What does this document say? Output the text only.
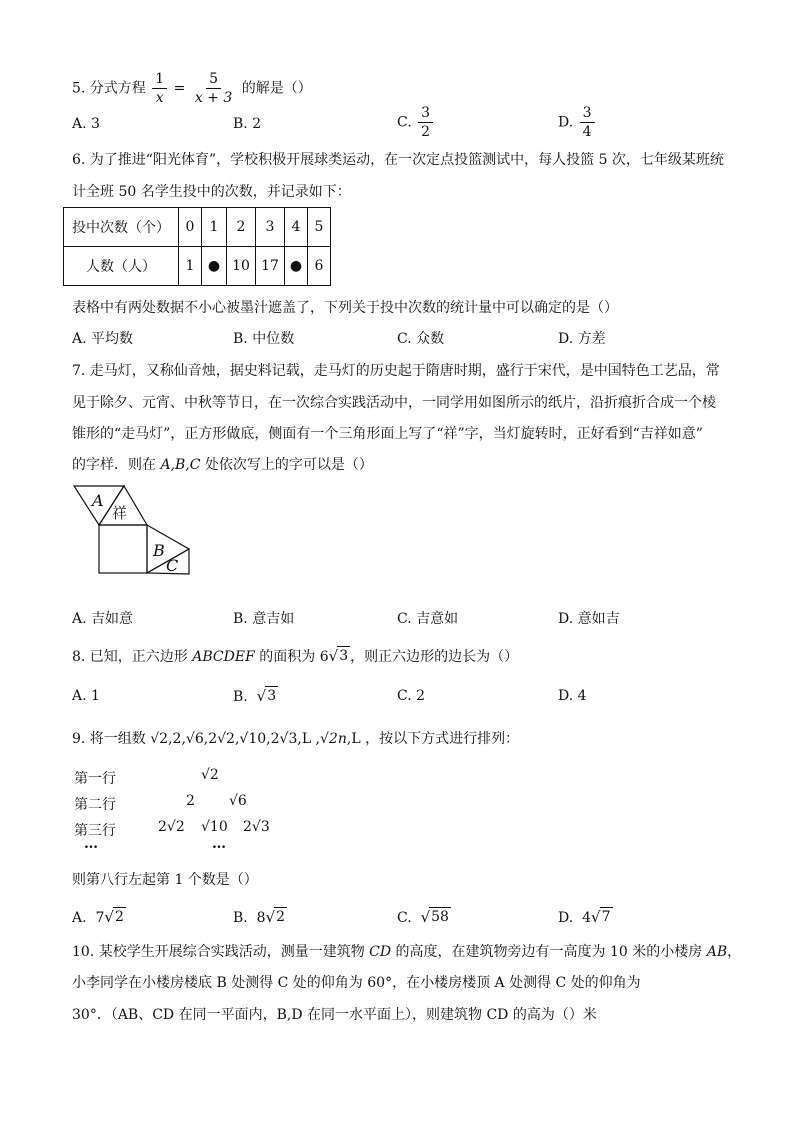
5. 分式方程 $\frac{1}{x} = \frac{5}{x + 3}$ 的解是（）
A. 3	B. 2	C. $\frac{3}{2}$	D. $\frac{3}{4}$
6. 为了推进“阳光体育”，学校积极开展球类运动，在一次定点投篮测试中，每人投篮 5 次，七年级某班统
计全班 50 名学生投中的次数，并记录如下：
投中次数（个）	0	1	2	3	4	5
人数（人）	1	●	10	17	●	6
表格中有两处数据不小心被墨汁遮盖了，下列关于投中次数的统计量中可以确定的是（）
A. 平均数	B. 中位数	C. 众数	D. 方差
7. 走马灯，又称仙音烛，据史料记载，走马灯的历史起于隋唐时期，盛行于宋代，是中国特色工艺品，常
见于除夕、元宵、中秋等节日，在一次综合实践活动中，一同学用如图所示的纸片，沿折痕折合成一个棱
锥形的“走马灯”，正方形做底，侧面有一个三角形面上写了“祥”字，当灯旋转时，正好看到“吉祥如意”
的字样．则在 A,B,C 处依次写上的字可以是（）
A
祥
B
C
A. 吉如意	B. 意吉如	C. 吉意如	D. 意如吉
8. 已知，正六边形 ABCDEF 的面积为 6 √ 3 ，则正六边形的边长为（）
A. 1	B. √ 3	C. 2	D. 4
9. 将一组数 √2,2,√6,2√2,√10,2√3,L ,√2n,L ，按以下方式进行排列：
第一行	√2
第二行	2 √6
第三行	2√2 √10 2√3
…	…
则第八行左起第 1 个数是（）
A. 7 √ 2	B. 8 √ 2	C. √ 58	D. 4 √ 7
10. 某校学生开展综合实践活动，测量一建筑物 CD 的高度，在建筑物旁边有一高度为 10 米的小楼房 AB，
小李同学在小楼房楼底 B 处测得 C 处的仰角为 60°，在小楼房楼顶 A 处测得 C 处的仰角为
30°．（AB、CD 在同一平面内，B,D 在同一水平面上），则建筑物 CD 的高为（）米
